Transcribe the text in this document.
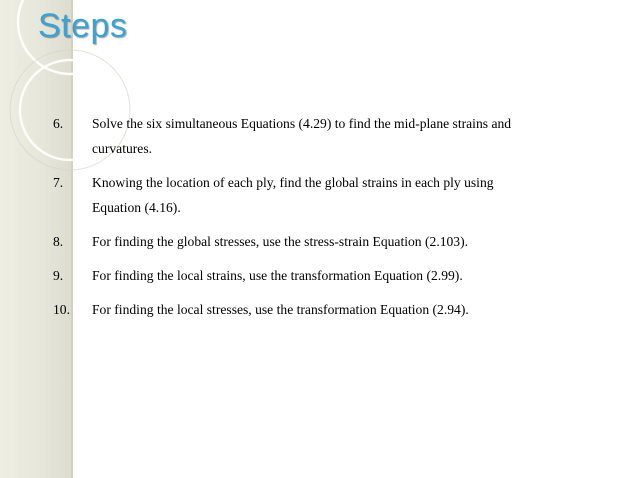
Steps
6. Solve the six simultaneous Equations (4.29) to find the mid-plane strains and
curvatures.
7. Knowing the location of each ply, find the global strains in each ply using
Equation (4.16).
8. For finding the global stresses, use the stress-strain Equation (2.103).
9. For finding the local strains, use the transformation Equation (2.99).
10. For finding the local stresses, use the transformation Equation (2.94).
